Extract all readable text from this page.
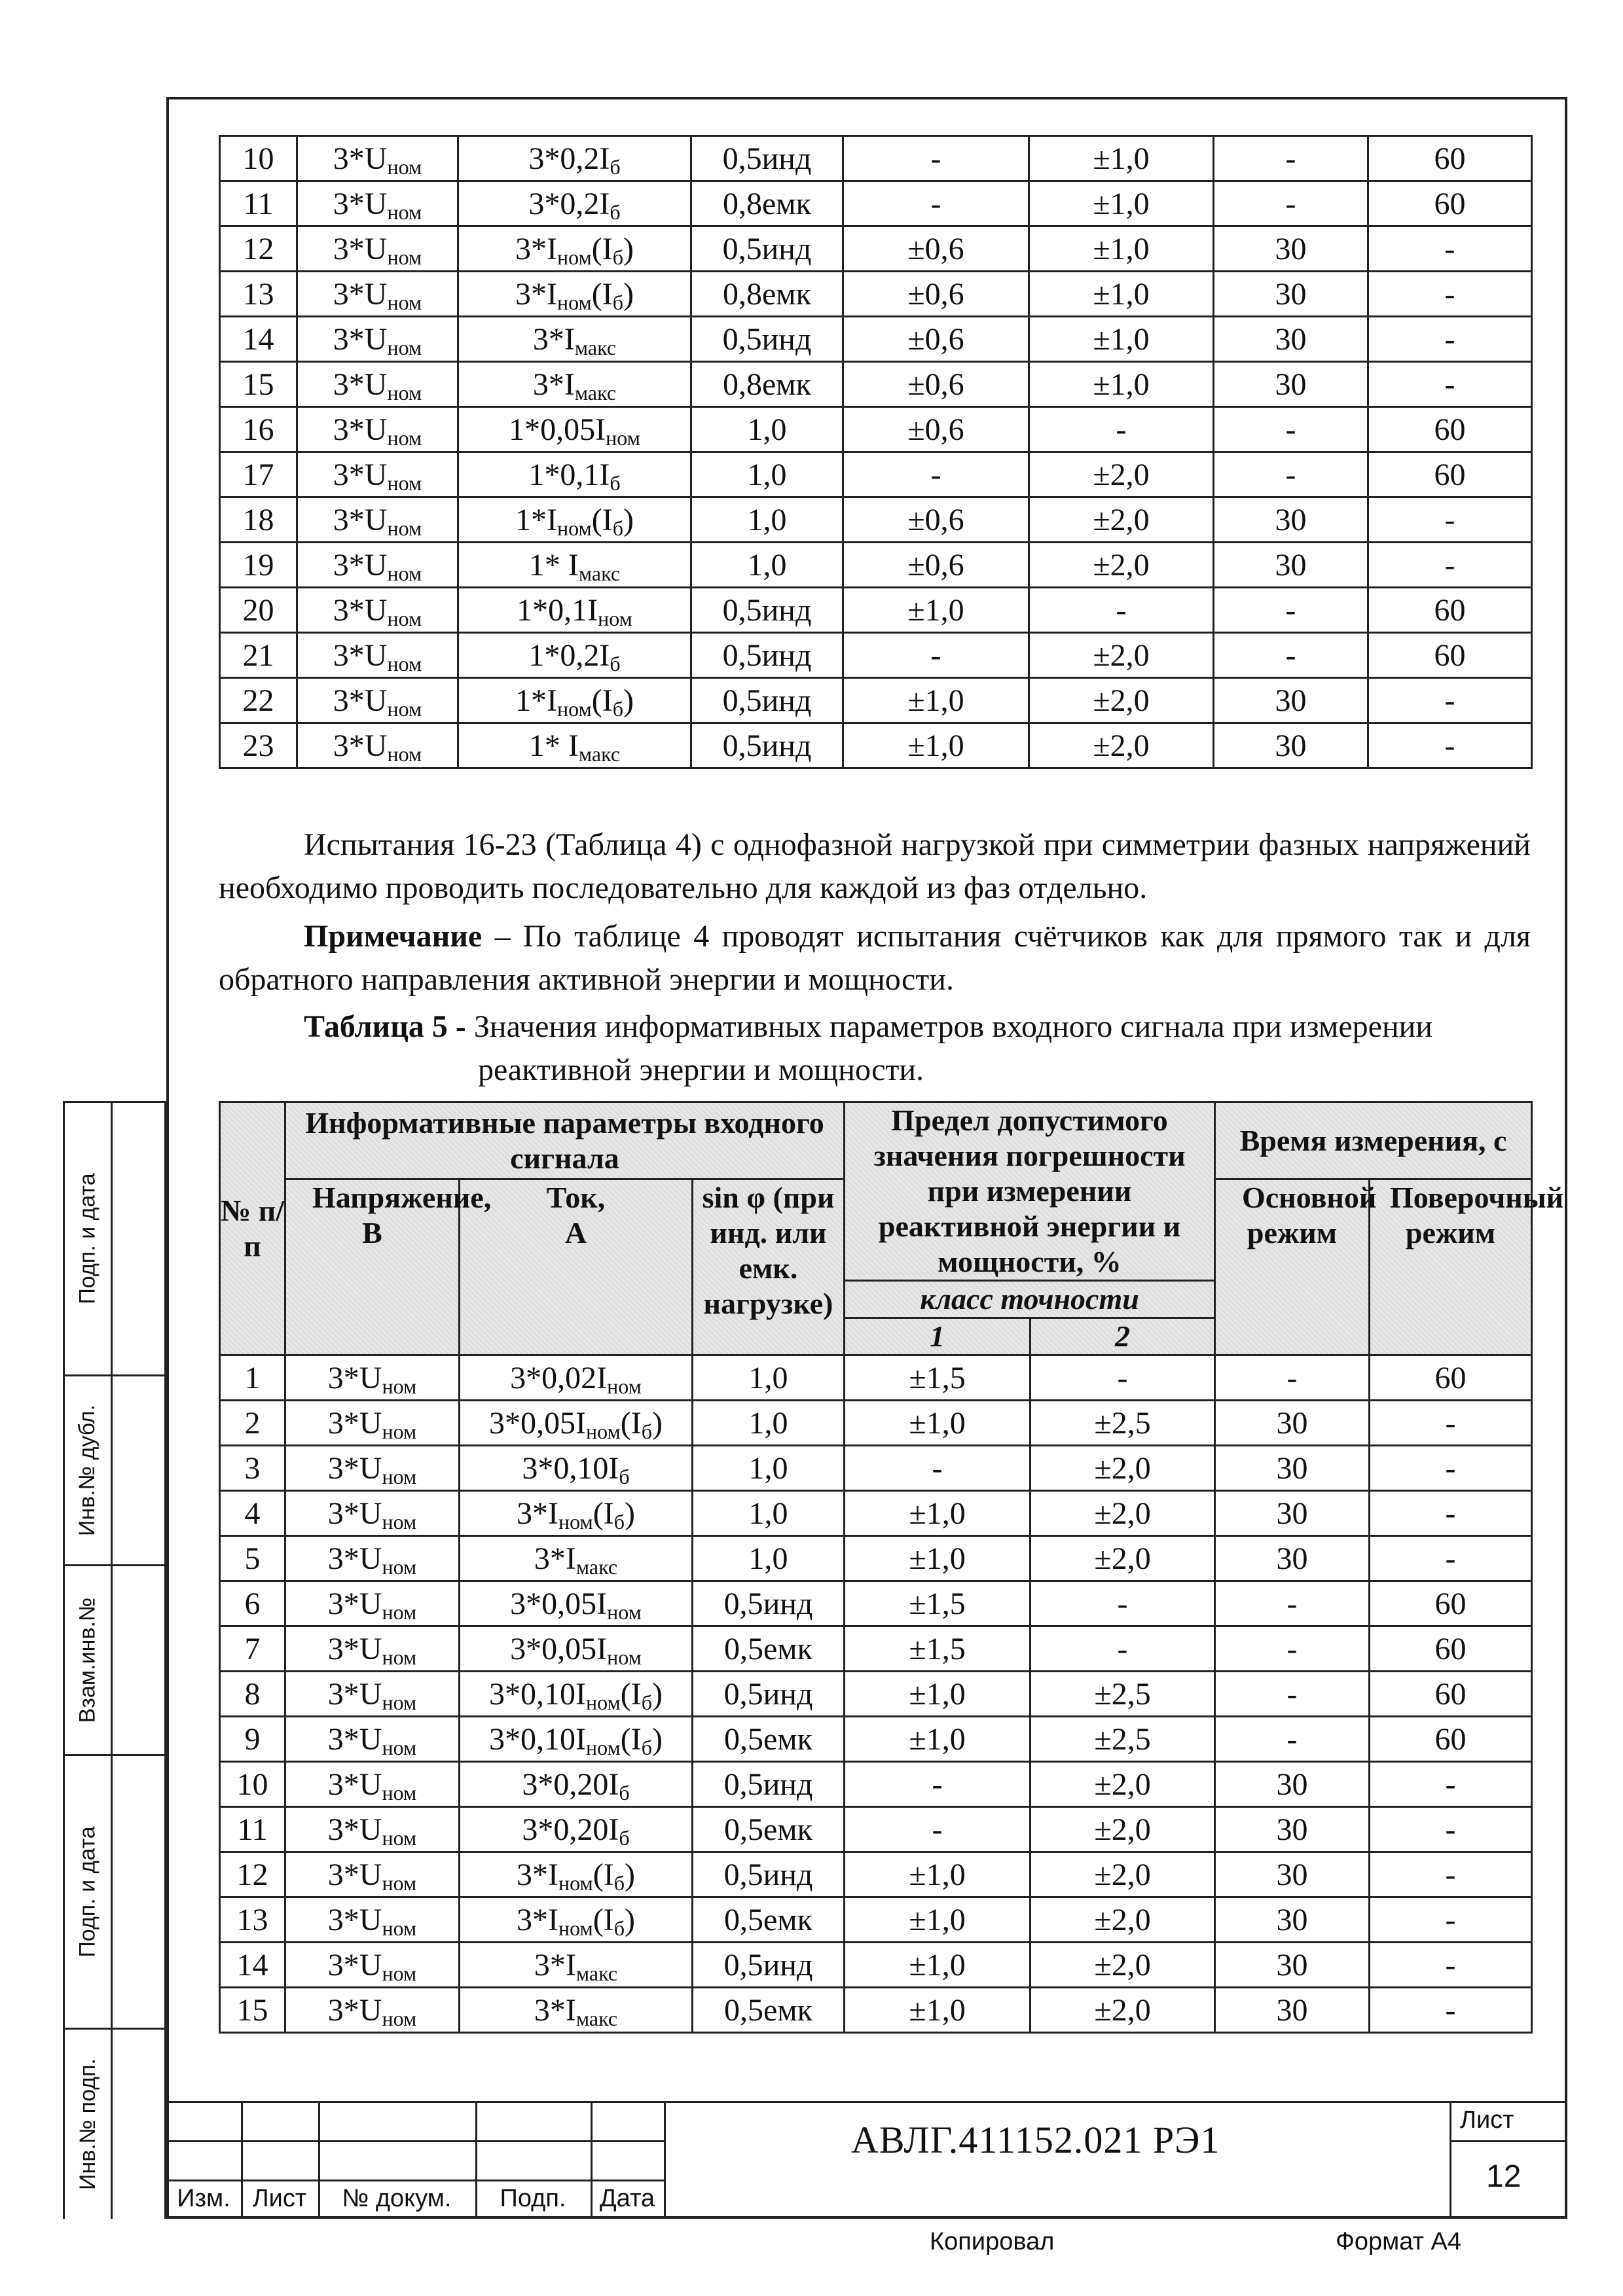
10	$3*U_{ном}$	$3*0,2I_б$	0,5инд	-	±1,0	-	60
11	$3*U_{ном}$	$3*0,2I_б$	0,8емк	-	±1,0	-	60
12	$3*U_{ном}$	$3*I_{ном}(I_б)$	0,5инд	±0,6	±1,0	30	-
13	$3*U_{ном}$	$3*I_{ном}(I_б)$	0,8емк	±0,6	±1,0	30	-
14	$3*U_{ном}$	$3*I_{макс}$	0,5инд	±0,6	±1,0	30	-
15	$3*U_{ном}$	$3*I_{макс}$	0,8емк	±0,6	±1,0	30	-
16	$3*U_{ном}$	$1*0,05I_{ном}$	1,0	±0,6	-	-	60
17	$3*U_{ном}$	$1*0,1I_б$	1,0	-	±2,0	-	60
18	$3*U_{ном}$	$1*I_{ном}(I_б)$	1,0	±0,6	±2,0	30	-
19	$3*U_{ном}$	1* $I_{макс}$	1,0	±0,6	±2,0	30	-
20	$3*U_{ном}$	$1*0,1I_{ном}$	0,5инд	±1,0	-	-	60
21	$3*U_{ном}$	$1*0,2I_б$	0,5инд	-	±2,0	-	60
22	$3*U_{ном}$	$1*I_{ном}(I_б)$	0,5инд	±1,0	±2,0	30	-
23	$3*U_{ном}$	1* $I_{макс}$	0,5инд	±1,0	±2,0	30	-
Испытания 16-23 (Таблица 4) с однофазной нагрузкой при симметрии фазных напряжений необходимо проводить последовательно для каждой из фаз отдельно.
Примечание – По таблице 4 проводят испытания счётчиков как для прямого так и для обратного направления активной энергии и мощности.
Таблица 5 - Значения информативных параметров входного сигнала при измерении
реактивной энергии и мощности.
№ п/п	Информативные параметры входного сигнала			Предел допустимого значения погрешности при измерении реактивной энергии и мощности, %		Время измерения, с	
	Напряжение, В	Ток, А	sin φ (при инд. или емк. нагрузке)			Основной режим	Поверочный режим
				класс точности			
				1	2		
1	$3*U_{ном}$	$3*0,02I_{ном}$	1,0	±1,5	-	-	60
2	$3*U_{ном}$	$3*0,05I_{ном}(I_б)$	1,0	±1,0	±2,5	30	-
3	$3*U_{ном}$	$3*0,10I_б$	1,0	-	±2,0	30	-
4	$3*U_{ном}$	$3*I_{ном}(I_б)$	1,0	±1,0	±2,0	30	-
5	$3*U_{ном}$	$3*I_{макс}$	1,0	±1,0	±2,0	30	-
6	$3*U_{ном}$	$3*0,05I_{ном}$	0,5инд	±1,5	-	-	60
7	$3*U_{ном}$	$3*0,05I_{ном}$	0,5емк	±1,5	-	-	60
8	$3*U_{ном}$	$3*0,10I_{ном}(I_б)$	0,5инд	±1,0	±2,5	-	60
9	$3*U_{ном}$	$3*0,10I_{ном}(I_б)$	0,5емк	±1,0	±2,5	-	60
10	$3*U_{ном}$	$3*0,20I_б$	0,5инд	-	±2,0	30	-
11	$3*U_{ном}$	$3*0,20I_б$	0,5емк	-	±2,0	30	-
12	$3*U_{ном}$	$3*I_{ном}(I_б)$	0,5инд	±1,0	±2,0	30	-
13	$3*U_{ном}$	$3*I_{ном}(I_б)$	0,5емк	±1,0	±2,0	30	-
14	$3*U_{ном}$	$3*I_{макс}$	0,5инд	±1,0	±2,0	30	-
15	$3*U_{ном}$	$3*I_{макс}$	0,5емк	±1,0	±2,0	30	-
Подп. и дата
Инв.№ дубл.
Взам.инв.№
Подп. и дата
Инв.№ подп.
Изм. Лист	№ докум.	Подп.	Дата
АВЛГ.411152.021 РЭ1	Лист
12
Копировал	Формат А4
